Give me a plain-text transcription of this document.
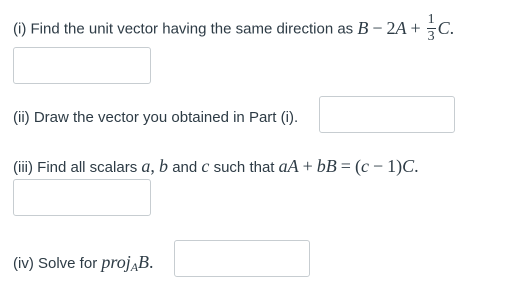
(i) Find the unit vector having the same direction as $B - 2A + \frac{1}{3} C$.
(ii) Draw the vector you obtained in Part (i).
(iii) Find all scalars a, b and c such that aA + bB = (c − 1)C.
(iv) Solve for proj$_A$B.
